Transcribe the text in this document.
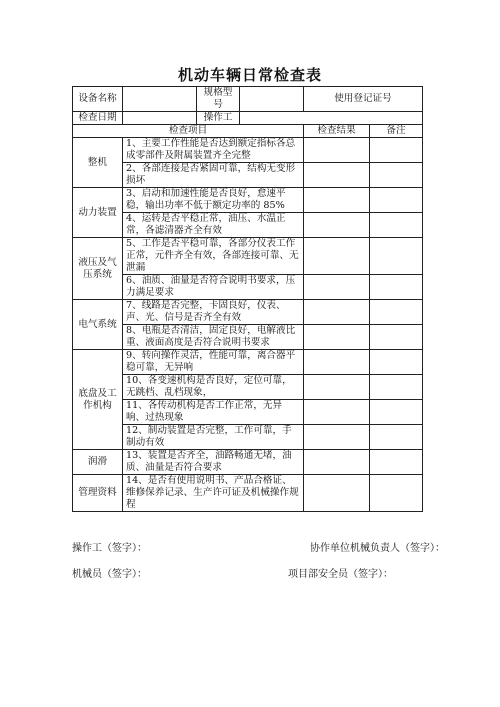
机动车辆日常检查表
设备名称		规格型号		使用登记证号	
检查日期		操作工			
检查项目				检查结果	备注
整机	1、主要工作性能是否达到额定指标各总成零部件及附属装置齐全完整				
	2、各部连接是否紧固可靠，结构无变形损坏				
动力装置	3、启动和加速性能是否良好，怠速平稳，输出功率不低于额定功率的 85%				
	4、运转是否平稳正常，油压、水温正常，各滤清器齐全有效				
液压及气压系统	5、工作是否平稳可靠，各部分仪表工作正常，元件齐全有效，各部连接可靠、无泄漏				
	6、油质、油量是否符合说明书要求，压力满足要求				
电气系统	7、线路是否完整，卡固良好，仪表、声、光、信号是否齐全有效				
	8、电瓶是否清洁，固定良好，电解液比重、液面高度是否符合说明书要求				
底盘及工作机构	9、转向操作灵活，性能可靠，离合器平稳可靠，无异响				
	10、各变速机构是否良好，定位可靠，无跳档、乱档现象，				
	11、各传动机构是否工作正常，无异响、过热现象				
	12、制动装置是否完整，工作可靠，手制动有效				
润滑	13、装置是否齐全，油路畅通无堵，油质、油量是否符合要求				
管理资料	14、是否有使用说明书、产品合格证、维修保养记录、生产许可证及机械操作规程				
操作工（签字）：	协作单位机械负责人（签字）：
机械员（签字）：	项目部安全员（签字）：
